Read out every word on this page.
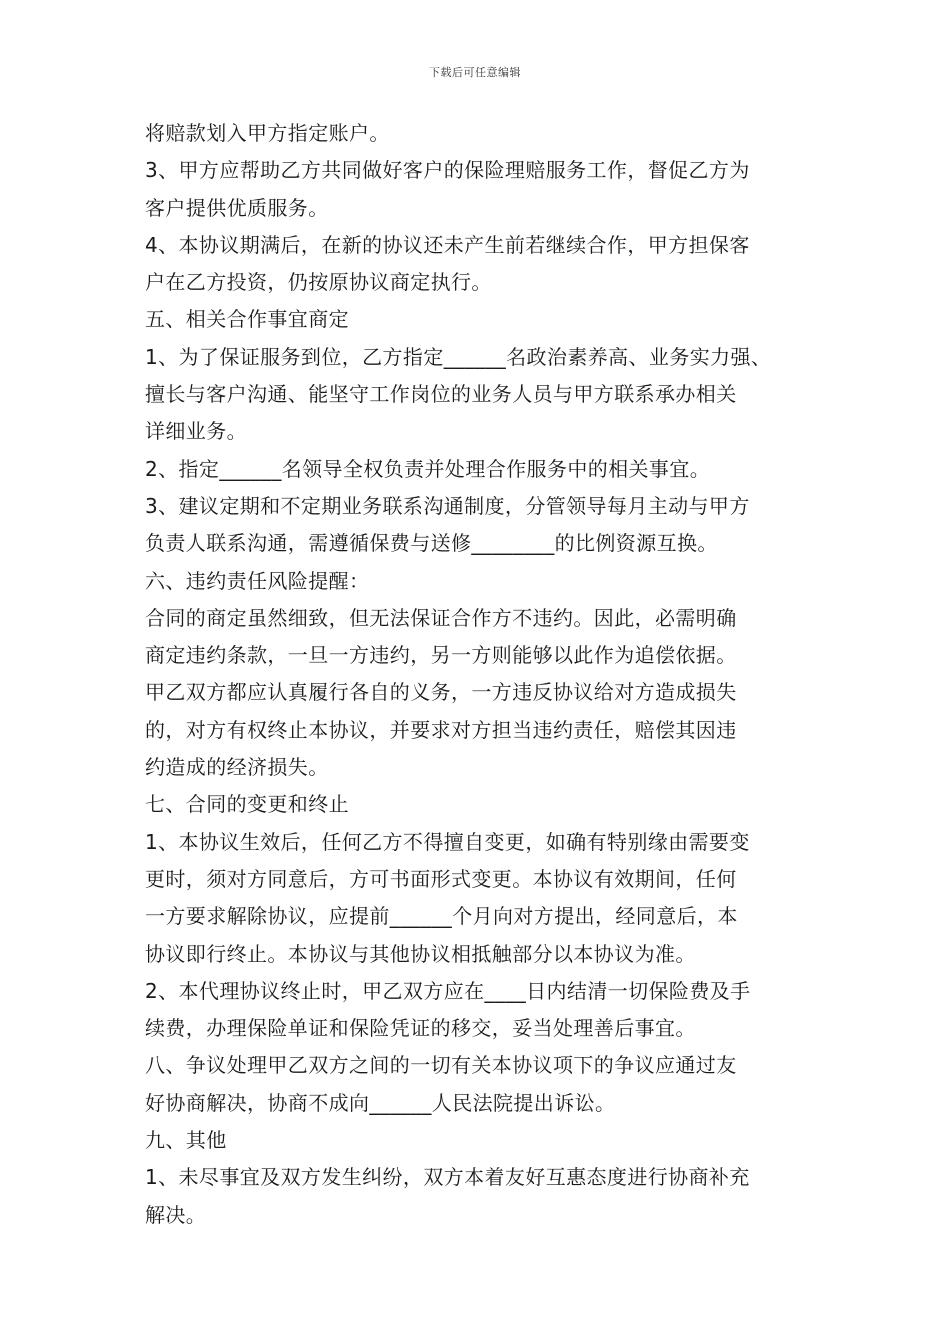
下载后可任意编辑
将赔款划入甲方指定账户。
3、甲方应帮助乙方共同做好客户的保险理赔服务工作，督促乙方为
客户提供优质服务。
4、本协议期满后，在新的协议还未产生前若继续合作，甲方担保客
户在乙方投资，仍按原协议商定执行。
五、相关合作事宜商定
1、为了保证服务到位，乙方指定______名政治素养高、业务实力强、
擅长与客户沟通、能坚守工作岗位的业务人员与甲方联系承办相关
详细业务。
2、指定______名领导全权负责并处理合作服务中的相关事宜。
3、建议定期和不定期业务联系沟通制度，分管领导每月主动与甲方
负责人联系沟通，需遵循保费与送修________的比例资源互换。
六、违约责任风险提醒：
合同的商定虽然细致，但无法保证合作方不违约。因此，必需明确
商定违约条款，一旦一方违约，另一方则能够以此作为追偿依据。
甲乙双方都应认真履行各自的义务，一方违反协议给对方造成损失
的，对方有权终止本协议，并要求对方担当违约责任，赔偿其因违
约造成的经济损失。
七、合同的变更和终止
1、本协议生效后，任何乙方不得擅自变更，如确有特别缘由需要变
更时，须对方同意后，方可书面形式变更。本协议有效期间，任何
一方要求解除协议，应提前______个月向对方提出，经同意后，本
协议即行终止。本协议与其他协议相抵触部分以本协议为准。
2、本代理协议终止时，甲乙双方应在____日内结清一切保险费及手
续费，办理保险单证和保险凭证的移交，妥当处理善后事宜。
八、争议处理甲乙双方之间的一切有关本协议项下的争议应通过友
好协商解决，协商不成向______人民法院提出诉讼。
九、其他
1、未尽事宜及双方发生纠纷，双方本着友好互惠态度进行协商补充
解决。
